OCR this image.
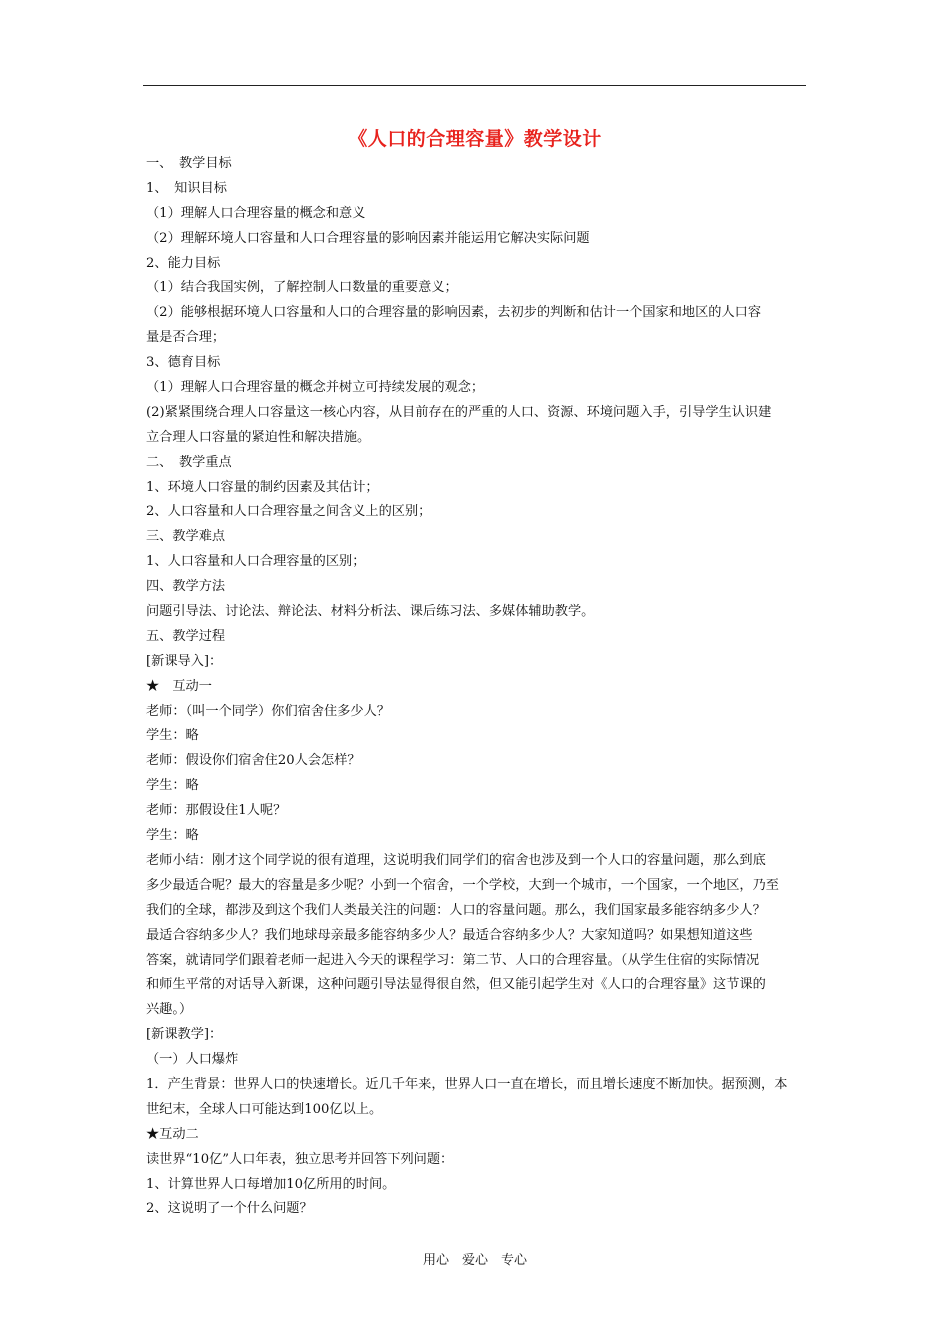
《人口的合理容量》教学设计
一、　教学目标
1、　知识目标
（1）理解人口合理容量的概念和意义
（2）理解环境人口容量和人口合理容量的影响因素并能运用它解决实际问题
2、能力目标
（1）结合我国实例，了解控制人口数量的重要意义；
（2）能够根据环境人口容量和人口的合理容量的影响因素，去初步的判断和估计一个国家和地区的人口容
量是否合理；
3、德育目标
（1）理解人口合理容量的概念并树立可持续发展的观念；
(2)紧紧围绕合理人口容量这一核心内容，从目前存在的严重的人口、资源、环境问题入手，引导学生认识建
立合理人口容量的紧迫性和解决措施。
二、　教学重点
1、环境人口容量的制约因素及其估计；
2、人口容量和人口合理容量之间含义上的区别；
三、教学难点
1、人口容量和人口合理容量的区别；
四、教学方法
问题引导法、讨论法、辩论法、材料分析法、课后练习法、多媒体辅助教学。
五、教学过程
[新课导入]：
★　互动一
老师：（叫一个同学）你们宿舍住多少人？
学生：略
老师：假设你们宿舍住20人会怎样？
学生：略
老师：那假设住1人呢？
学生：略
老师小结：刚才这个同学说的很有道理，这说明我们同学们的宿舍也涉及到一个人口的容量问题，那么到底
多少最适合呢？最大的容量是多少呢？小到一个宿舍，一个学校，大到一个城市，一个国家，一个地区，乃至
我们的全球，都涉及到这个我们人类最关注的问题：人口的容量问题。那么，我们国家最多能容纳多少人？
最适合容纳多少人？我们地球母亲最多能容纳多少人？最适合容纳多少人？大家知道吗？如果想知道这些
答案，就请同学们跟着老师一起进入今天的课程学习：第二节、人口的合理容量。（从学生住宿的实际情况
和师生平常的对话导入新课，这种问题引导法显得很自然，但又能引起学生对《人口的合理容量》这节课的
兴趣。）
[新课教学]：
（一）人口爆炸
1．产生背景：世界人口的快速增长。近几千年来，世界人口一直在增长，而且增长速度不断加快。据预测，本
世纪末，全球人口可能达到100亿以上。
★互动二
读世界“10亿”人口年表，独立思考并回答下列问题：
1、计算世界人口每增加10亿所用的时间。
2、这说明了一个什么问题？
用心　爱心　专心
